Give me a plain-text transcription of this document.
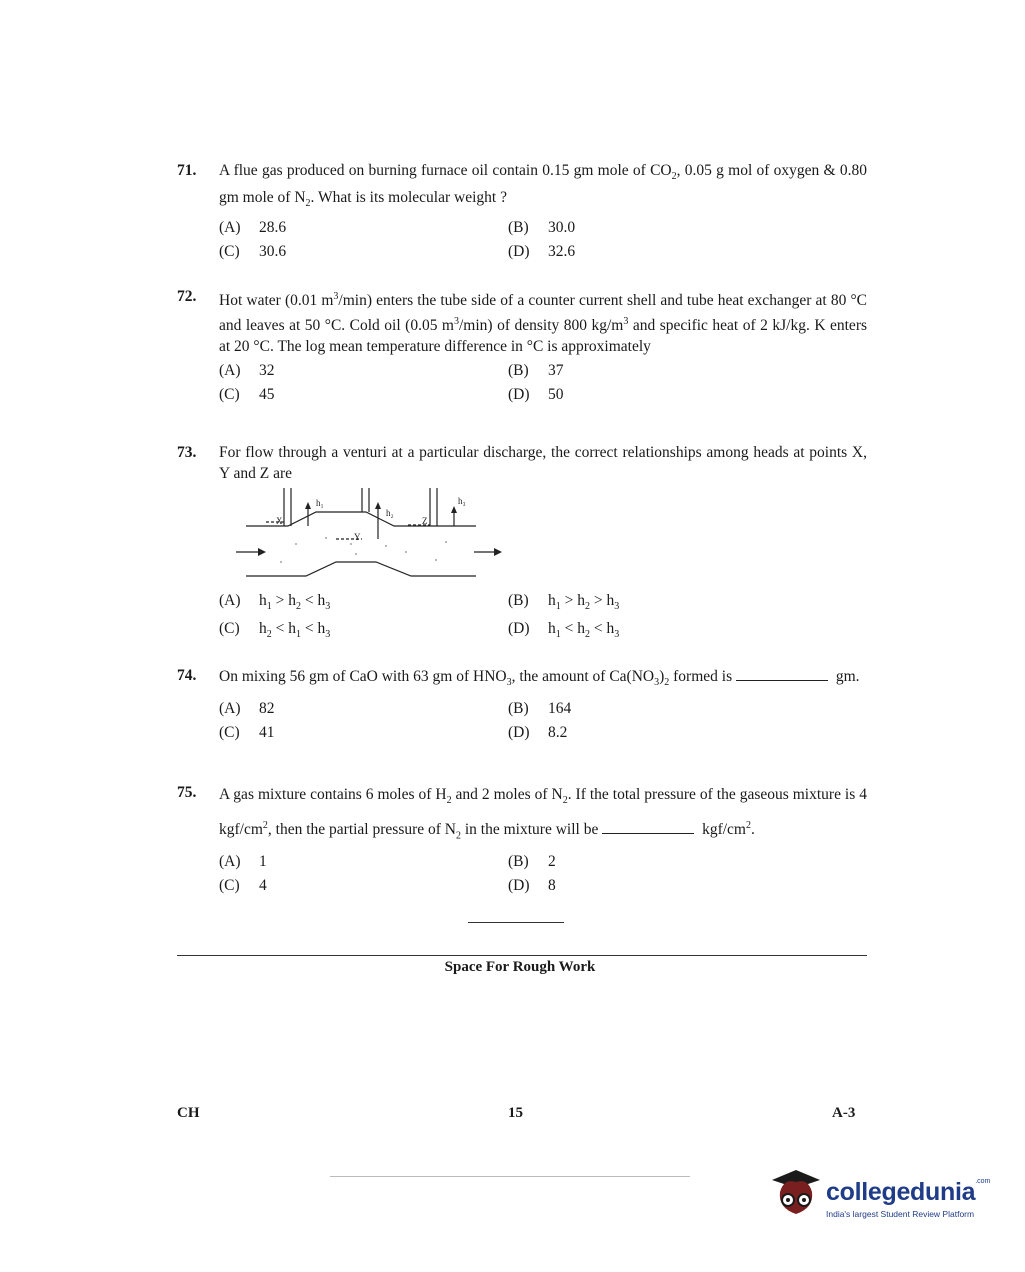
71. A flue gas produced on burning furnace oil contain 0.15 gm mole of $CO_2$, 0.05 g mol of oxygen & 0.80 gm mole of $N_2$. What is its molecular weight ?
(A) 28.6	(B) 30.0
(C) 30.6	(D) 32.6
72. Hot water (0.01 $m^3/\min$) enters the tube side of a counter current shell and tube heat exchanger at 80 °C and leaves at 50 °C. Cold oil (0.05 $m^3/\min$) of density 800 $kg/m^3$ and specific heat of 2 kJ/kg. K enters at 20 °C. The log mean temperature difference in °C is approximately
(A) 32	(B) 37
(C) 45	(D) 50
73. For flow through a venturi at a particular discharge, the correct relationships among heads at points X, Y and Z are
X
Y
Z
h₁
h₂
h₃
(A) $h_1 > h_2 < h_3$	(B) $h_1 > h_2 > h_3$
(C) $h_2 < h_1 < h_3$	(D) $h_1 < h_2 < h_3$
74. On mixing 56 gm of CaO with 63 gm of $HNO_3$, the amount of $Ca(NO_3)_2$ formed is	gm.
(A) 82	(B) 164
(C) 41	(D) 8.2
75. A gas mixture contains 6 moles of $H_2$ and 2 moles of $N_2$. If the total pressure of the gaseous mixture is 4 kgf/$cm^2$, then the partial pressure of $N_2$ in the mixture will be	kgf/$cm^2$.
(A) 1	(B) 2
(C) 4	(D) 8
Space For Rough Work
CH	15	A-3
collegedunia$^{.com}$
India's largest Student Review Platform
